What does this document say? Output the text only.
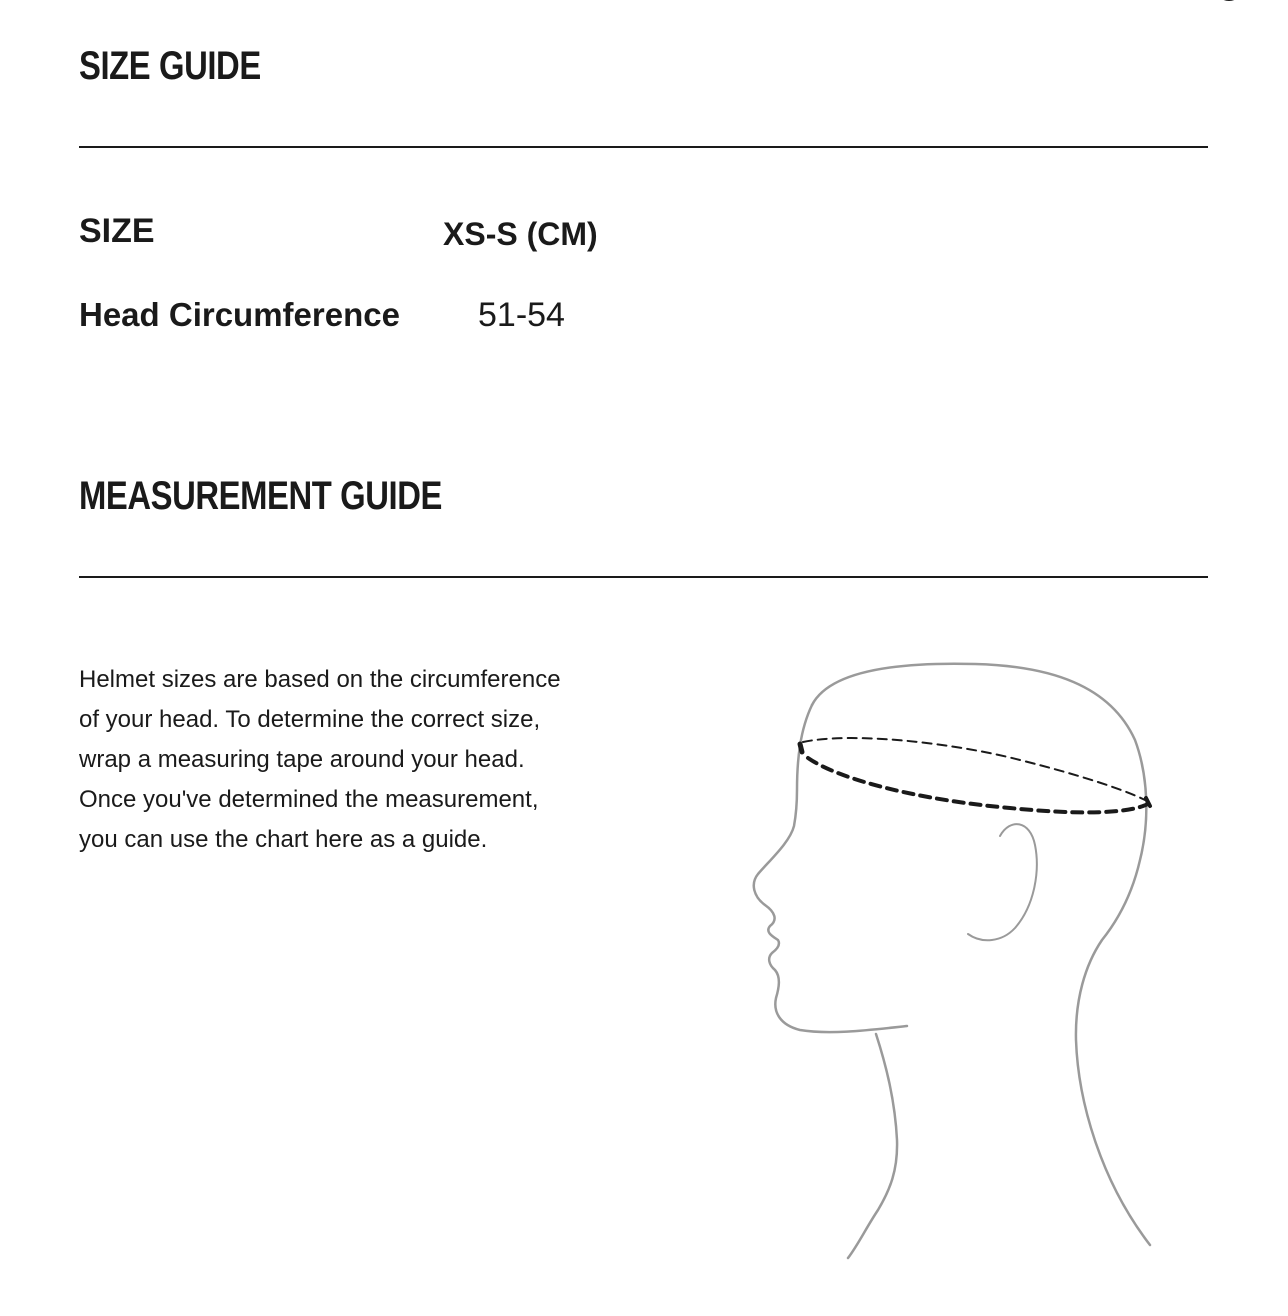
SIZE GUIDE
SIZE	XS-S (CM)
Head Circumference 51-54
MEASUREMENT GUIDE
Helmet sizes are based on the circumference
of your head. To determine the correct size,
wrap a measuring tape around your head.
Once you've determined the measurement,
you can use the chart here as a guide.
